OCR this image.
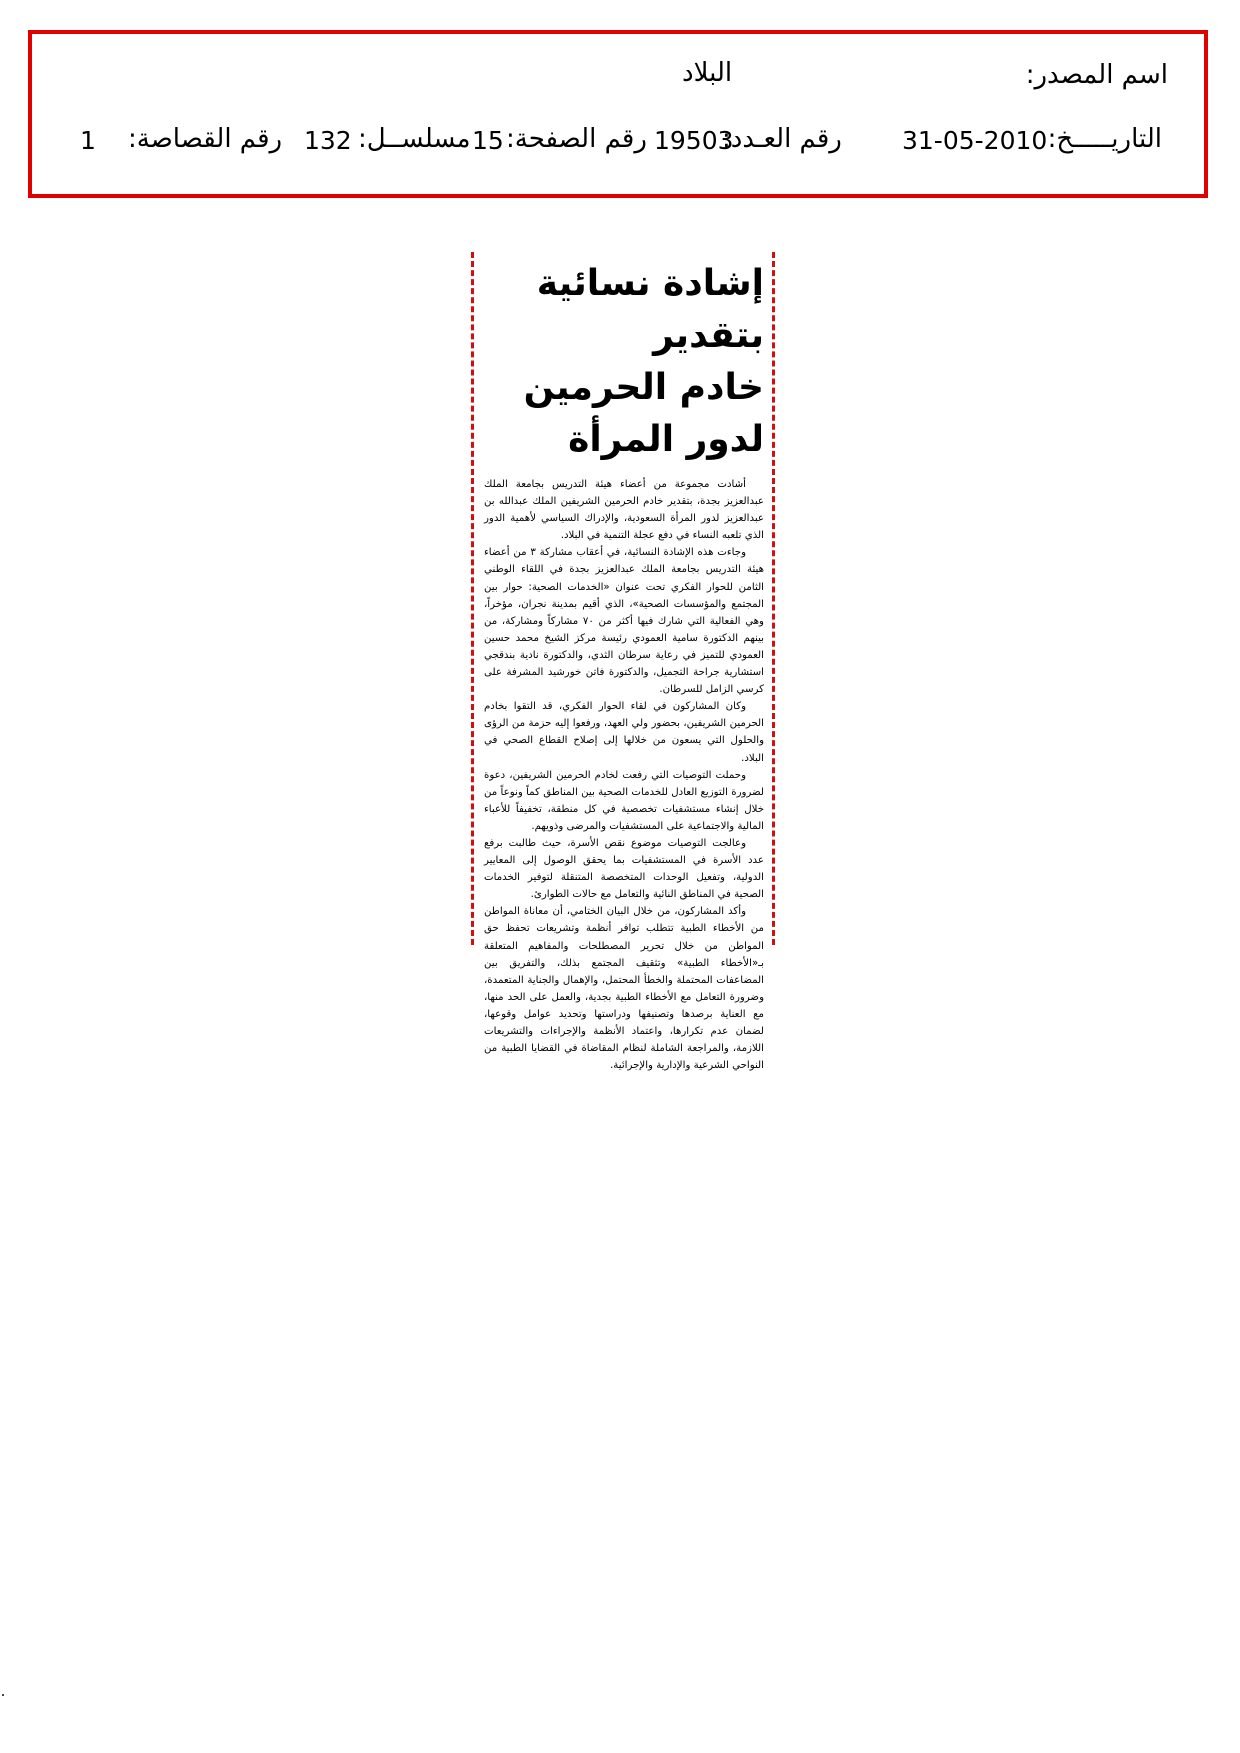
اسم المصدر:
البلاد
التاريـــــخ:
31-05-2010
رقم العـدد:
19503
رقم الصفحة:
15
مسلســل:
132
رقم القصاصة:
1
إشادة نسائية بتقدير
خادم الحرمين لدور المرأة

أشادت مجموعة من أعضاء هيئة التدريس بجامعة الملك عبدالعزيز بجدة، بتقدير خادم الحرمين الشريفين الملك عبدالله بن عبدالعزيز لدور المرأة السعودية، والإدراك السياسي لأهمية الدور الذي تلعبه النساء في دفع عجلة التنمية في البلاد.

وجاءت هذه الإشادة النسائية، في أعقاب مشاركة ٣ من أعضاء هيئة التدريس بجامعة الملك عبدالعزيز بجدة في اللقاء الوطني الثامن للحوار الفكري تحت عنوان «الخدمات الصحية: حوار بين المجتمع والمؤسسات الصحية»، الذي أقيم بمدينة نجران، مؤخراً، وهي الفعالية التي شارك فيها أكثر من ٧٠ مشاركاً ومشاركة، من بينهم الدكتورة سامية العمودي رئيسة مركز الشيخ محمد حسين العمودي للتميز في رعاية سرطان الثدي، والدكتورة نادية بندقجي استشارية جراحة التجميل، والدكتورة فاتن خورشيد المشرفة على كرسي الزامل للسرطان.

وكان المشاركون في لقاء الحوار الفكري، قد التقوا بخادم الحرمين الشريفين، بحضور ولي العهد، ورفعوا إليه حزمة من الرؤى والحلول التي يسعون من خلالها إلى إصلاح القطاع الصحي في البلاد.

وحملت التوصيات التي رفعت لخادم الحرمين الشريفين، دعوة لضرورة التوزيع العادل للخدمات الصحية بين المناطق كماً ونوعاً من خلال إنشاء مستشفيات تخصصية في كل منطقة، تخفيفاً للأعباء المالية والاجتماعية على المستشفيات والمرضى وذويهم.

وعالجت التوصيات موضوع نقص الأسرة، حيث طالبت برفع عدد الأسرة في المستشفيات بما يحقق الوصول إلى المعايير الدولية، وتفعيل الوحدات المتخصصة المتنقلة لتوفير الخدمات الصحية في المناطق النائية والتعامل مع حالات الطوارئ.

وأكد المشاركون، من خلال البيان الختامي، أن معاناة المواطن من الأخطاء الطبية تتطلب توافر أنظمة وتشريعات تحفظ حق المواطن من خلال تحرير المصطلحات والمفاهيم المتعلقة بـ«الأخطاء الطبية» وتثقيف المجتمع بذلك، والتفريق بين المضاعفات المحتملة والخطأ المحتمل، والإهمال والجناية المتعمدة، وضرورة التعامل مع الأخطاء الطبية بجدية، والعمل على الحد منها، مع العناية برصدها وتصنيفها ودراستها وتحديد عوامل وقوعها، لضمان عدم تكرارها، واعتماد الأنظمة والإجراءات والتشريعات اللازمة، والمراجعة الشاملة لنظام المقاضاة في القضايا الطبية من النواحي الشرعية والإدارية والإجرائية.
